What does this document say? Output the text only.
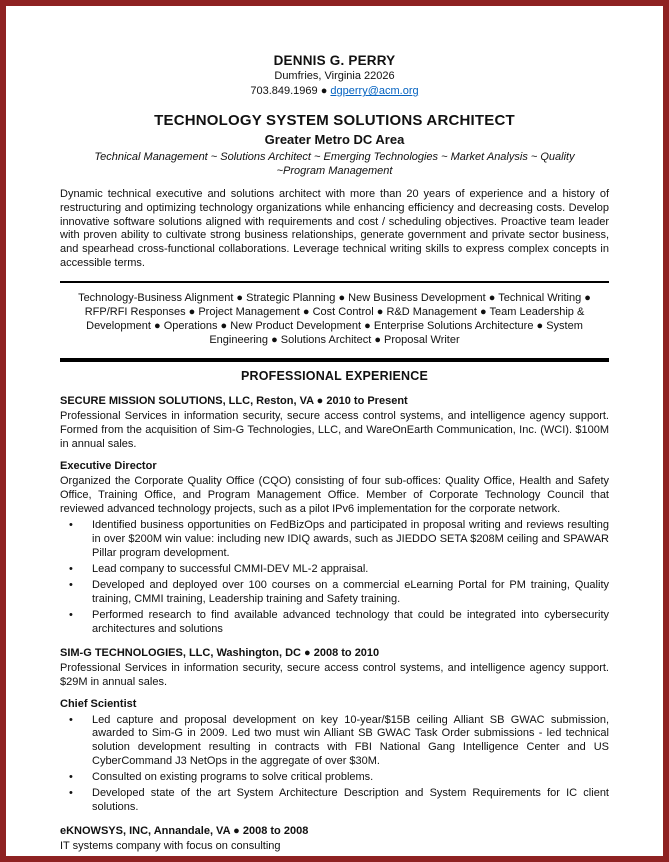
DENNIS G. PERRY
Dumfries, Virginia 22026
703.849.1969 ● dgperry@acm.org
TECHNOLOGY SYSTEM SOLUTIONS ARCHITECT
Greater Metro DC Area
Technical Management ~ Solutions Architect ~ Emerging Technologies ~ Market Analysis ~ Quality
~Program Management
Dynamic technical executive and solutions architect with more than 20 years of experience and a history of restructuring and optimizing technology organizations while enhancing efficiency and decreasing costs. Develop innovative software solutions aligned with requirements and cost / scheduling objectives. Proactive team leader with proven ability to cultivate strong business relationships, generate government and private sector business, and spearhead cross-functional collaborations. Leverage technical writing skills to express complex concepts in accessible terms.
Technology-Business Alignment ● Strategic Planning ● New Business Development ● Technical Writing ● RFP/RFI Responses ● Project Management ● Cost Control ● R&D Management ● Team Leadership & Development ● Operations ● New Product Development ● Enterprise Solutions Architecture ● System Engineering ● Solutions Architect ● Proposal Writer
PROFESSIONAL EXPERIENCE
SECURE MISSION SOLUTIONS, LLC, Reston, VA ● 2010 to Present

Professional Services in information security, secure access control systems, and intelligence agency support. Formed from the acquisition of Sim-G Technologies, LLC, and WareOnEarth Communication, Inc. (WCI). $100M in annual sales.

Executive Director

Organized the Corporate Quality Office (CQO) consisting of four sub-offices: Quality Office, Health and Safety Office, Training Office, and Program Management Office. Member of Corporate Technology Council that reviewed advanced technology projects, such as a pilot IPv6 implementation for the corporate network.

• Identified business opportunities on FedBizOps and participated in proposal writing and reviews resulting in over $200M win value: including new IDIQ awards, such as JIEDDO SETA $208M ceiling and SPAWAR Pillar program development.
• Lead company to successful CMMI-DEV ML-2 appraisal.
• Developed and deployed over 100 courses on a commercial eLearning Portal for PM training, Quality training, CMMI training, Leadership training and Safety training.
• Performed research to find available advanced technology that could be integrated into cybersecurity architectures and solutions
SIM-G TECHNOLOGIES, LLC, Washington, DC ● 2008 to 2010

Professional Services in information security, secure access control systems, and intelligence agency support. $29M in annual sales.

Chief Scientist
• Led capture and proposal development on key 10-year/$15B ceiling Alliant SB GWAC submission, awarded to Sim-G in 2009. Led two must win Alliant SB GWAC Task Order submissions - led technical solution development resulting in contracts with FBI National Gang Intelligence Center and US CyberCommand J3 NetOps in the aggregate of over $30M.
• Consulted on existing programs to solve critical problems.
• Developed state of the art System Architecture Description and System Requirements for IC client solutions.
eKNOWSYS, INC, Annandale, VA ● 2008 to 2008

IT systems company with focus on consulting
